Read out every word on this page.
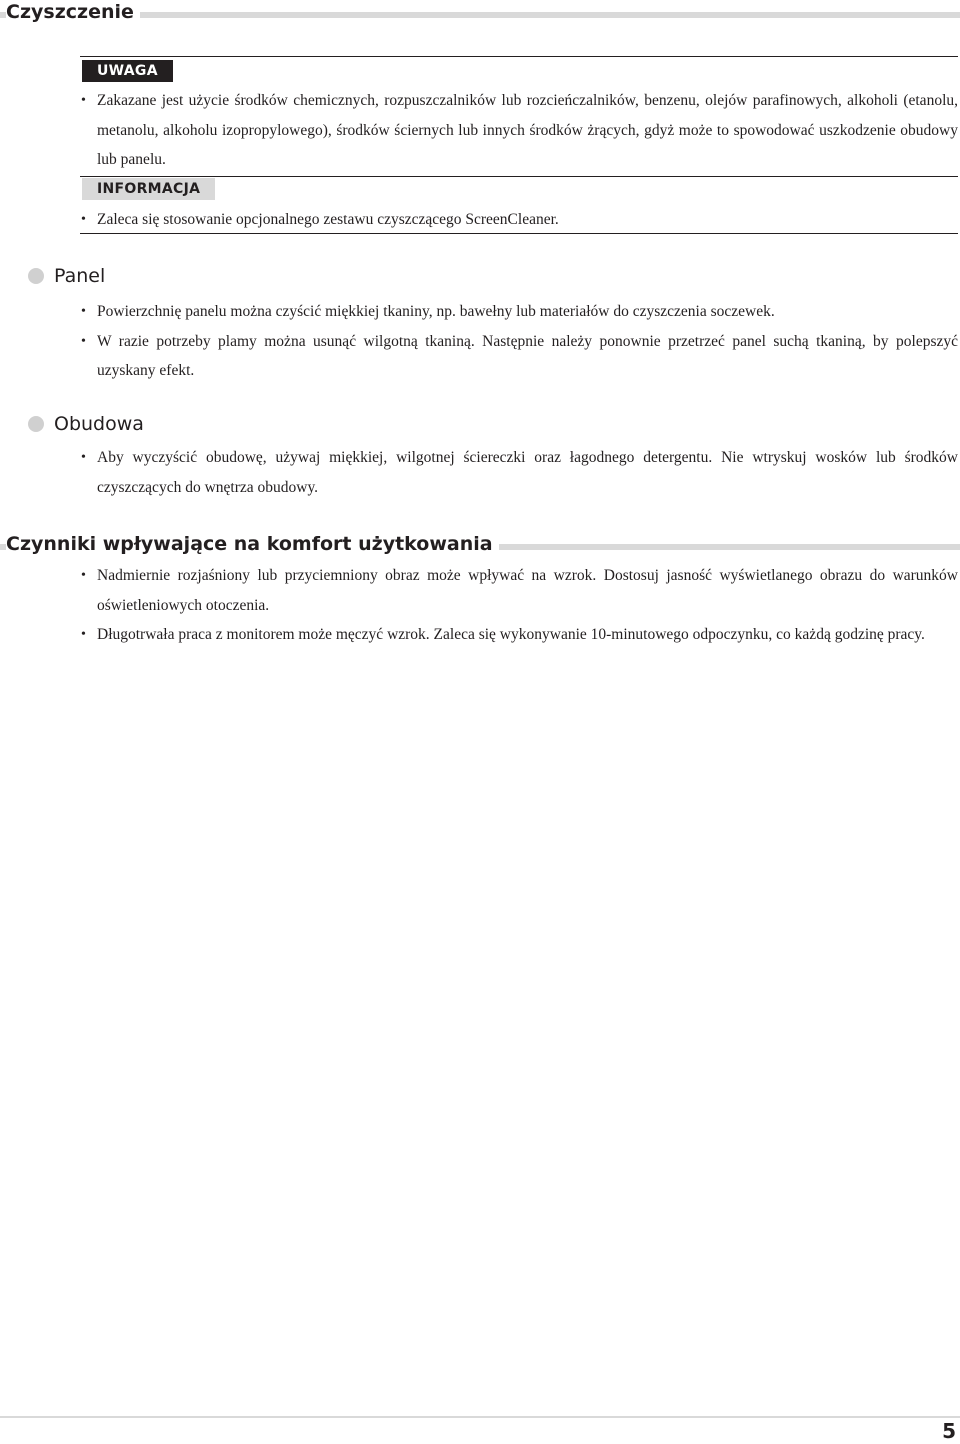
Czyszczenie
UWAGA
• Zakazane jest użycie środków chemicznych, rozpuszczalników lub rozcieńczalników, benzenu, olejów parafinowych, alkoholi (etanolu, metanolu, alkoholu izopropylowego), środków ściernych lub innych środków żrących, gdyż może to spowodować uszkodzenie obudowy lub panelu.
INFORMACJA
• Zaleca się stosowanie opcjonalnego zestawu czyszczącego ScreenCleaner.
Panel
• Powierzchnię panelu można czyścić miękkiej tkaniny, np. bawełny lub materiałów do czyszczenia soczewek.
• W razie potrzeby plamy można usunąć wilgotną tkaniną. Następnie należy ponownie przetrzeć panel suchą tkaniną, by polepszyć uzyskany efekt.
Obudowa
• Aby wyczyścić obudowę, używaj miękkiej, wilgotnej ściereczki oraz łagodnego detergentu. Nie wtryskuj wosków lub środków czyszczących do wnętrza obudowy.
Czynniki wpływające na komfort użytkowania
• Nadmiernie rozjaśniony lub przyciemniony obraz może wpływać na wzrok. Dostosuj jasność wyświetlanego obrazu do warunków oświetleniowych otoczenia.
• Długotrwała praca z monitorem może męczyć wzrok. Zaleca się wykonywanie 10-minutowego odpoczynku, co każdą godzinę pracy.
5
